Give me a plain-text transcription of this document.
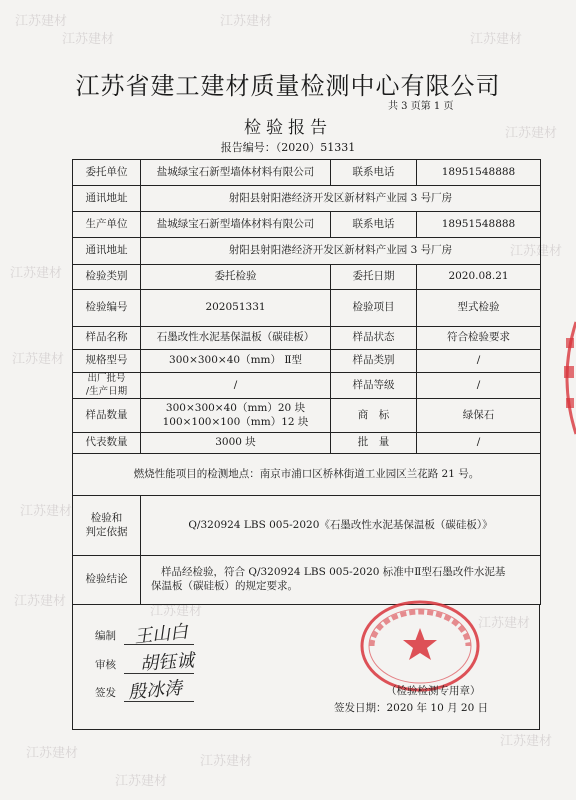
江苏建材
江苏建材
江苏建材
江苏建材
江苏建材
江苏建材
江苏建材
江苏建材
江苏建材
江苏建材
江苏建材
江苏建材
江苏建材
江苏建材
江苏建材
江苏建材
江苏省建工建材质量检测中心有限公司
共 3 页第 1 页
检验报告
报告编号：（2020）51331
委托单位	盐城绿宝石新型墙体材料有限公司	联系电话	18951548888
通讯地址	射阳县射阳港经济开发区新材料产业园 3 号厂房		
生产单位	盐城绿宝石新型墙体材料有限公司	联系电话	18951548888
通讯地址	射阳县射阳港经济开发区新材料产业园 3 号厂房		
检验类别	委托检验	委托日期	2020.08.21
检验编号	202051331	检验项目	型式检验
样品名称	石墨改性水泥基保温板（碳硅板）	样品状态	符合检验要求
规格型号	300×300×40（mm） Ⅱ型	样品类别	/

出厂批号
/生产日期	/	样品等级	/
样品数量	300×300×40（mm）20 块
100×100×100（mm）12 块	商　标	绿保石
代表数量	3000 块	批　量	/
燃烧性能项目的检测地点：南京市浦口区桥林街道工业园区兰花路 21 号。			

检验和
判定依据	Q/320924 LBS 005-2020《石墨改性水泥基保温板（碳硅板）》		
检验结论	样品经检验，符合 Q/320924 LBS 005-2020 标准中Ⅱ型石墨改件水泥基
保温板（碳硅板）的规定要求。		
编制
审核
签发
王山白
胡钰诚
殷冰涛	（检验检测专用章）
签发日期：2020 年 10 月 20 日
